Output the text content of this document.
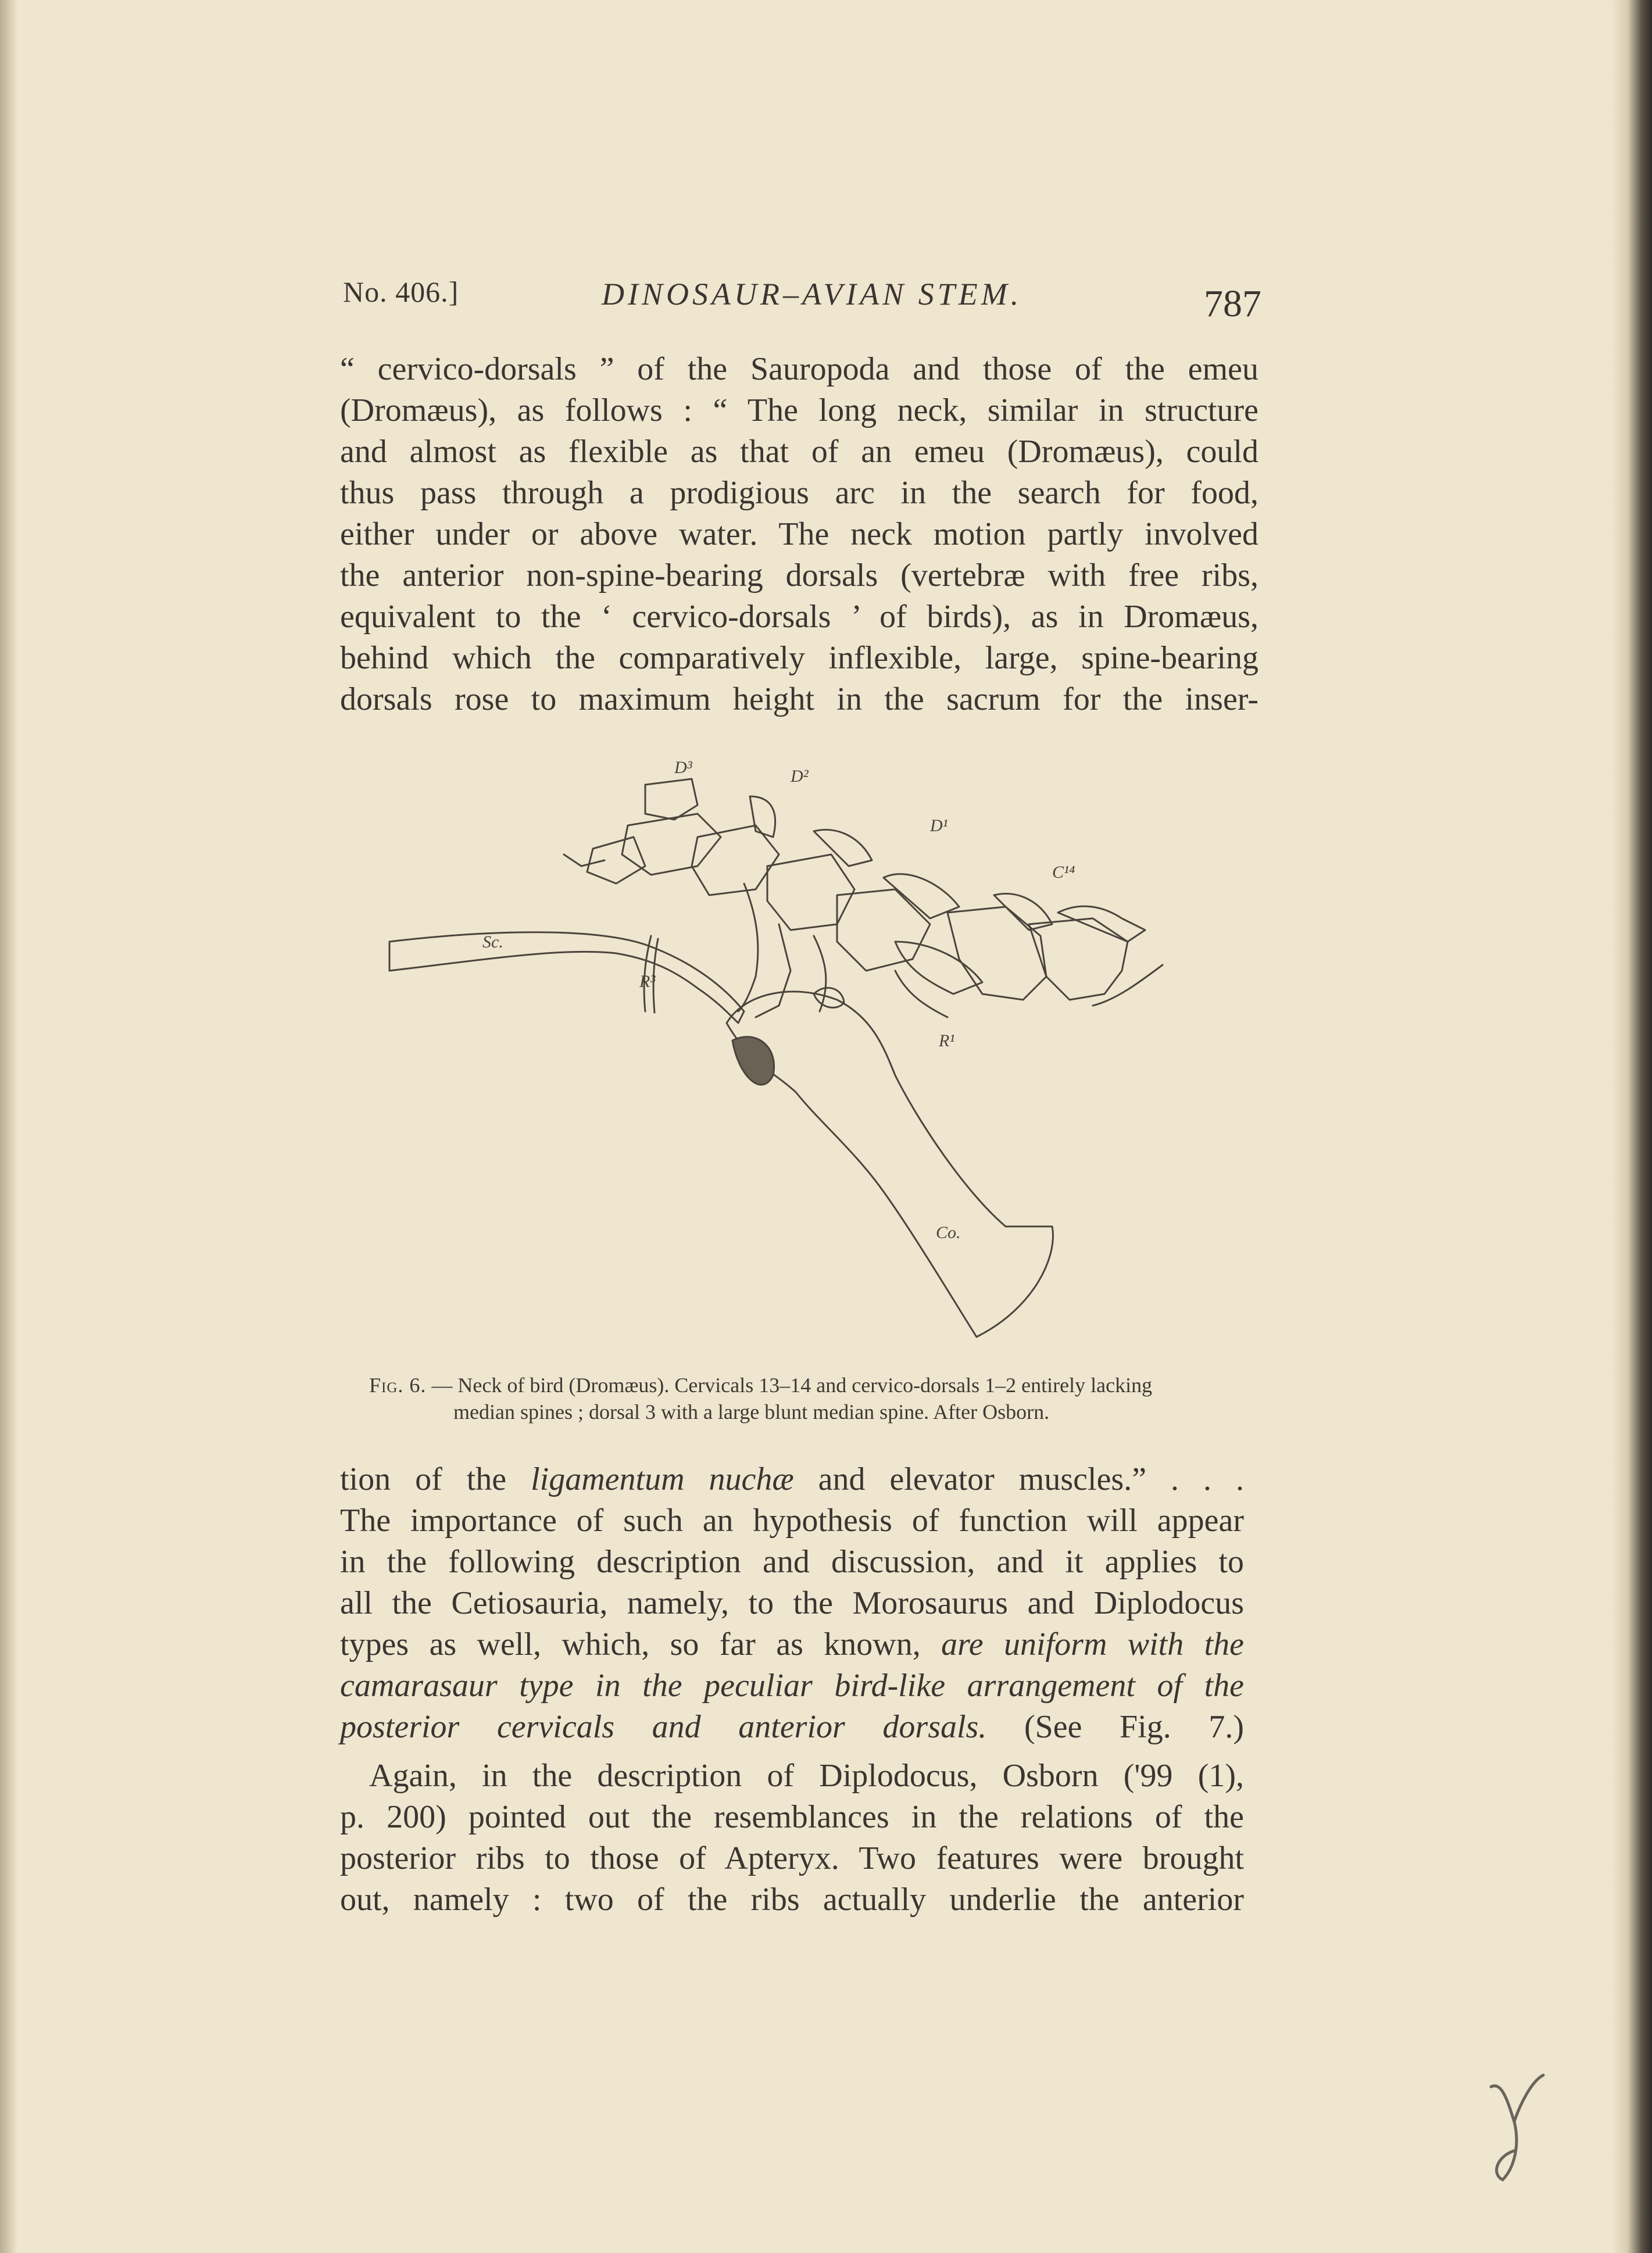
No. 406.]	DINOSAUR–AVIAN STEM.	787
“ cervico-dorsals ” of the Sauropoda and those of the emeu
(Dromæus), as follows : “ The long neck, similar in structure
and almost as flexible as that of an emeu (Dromæus), could
thus pass through a prodigious arc in the search for food,
either under or above water. The neck motion partly involved
the anterior non-spine-bearing dorsals (vertebræ with free ribs,
equivalent to the ‘ cervico-dorsals ’ of birds), as in Dromæus,
behind which the comparatively inflexible, large, spine-bearing
dorsals rose to maximum height in the sacrum for the inser-
D³	D²
D¹
C¹⁴
Sc.
R³
R¹
Co.
Fig. 6. — Neck of bird (Dromæus). Cervicals 13–14 and cervico-dorsals 1–2 entirely lacking
median spines ; dorsal 3 with a large blunt median spine. After Osborn.
tion of the ligamentum nuchæ and elevator muscles.” . . .
The importance of such an hypothesis of function will appear
in the following description and discussion, and it applies to
all the Cetiosauria, namely, to the Morosaurus and Diplodocus
types as well, which, so far as known, are uniform with the
camarasaur type in the peculiar bird-like arrangement of the
posterior cervicals and anterior dorsals. (See Fig. 7.)
Again, in the description of Diplodocus, Osborn ('99 (1),
p. 200) pointed out the resemblances in the relations of the
posterior ribs to those of Apteryx. Two features were brought
out, namely : two of the ribs actually underlie the anterior
